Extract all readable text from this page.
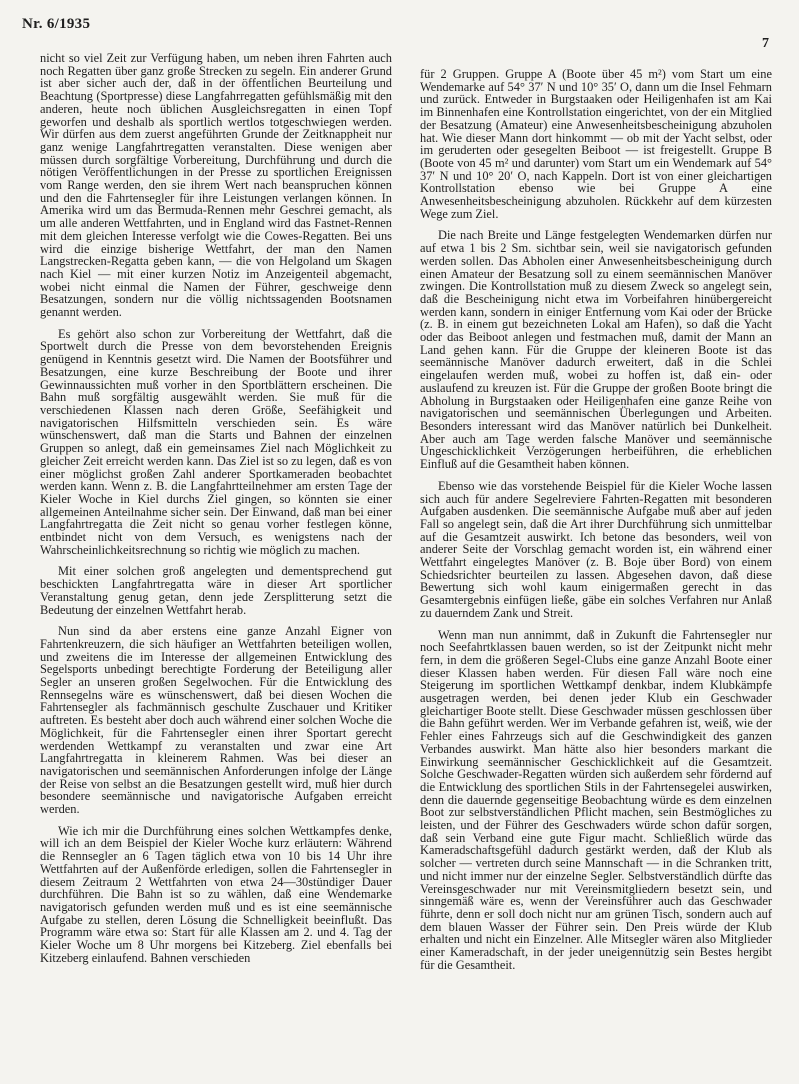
Nr. 6/1935
7

nicht so viel Zeit zur Verfügung haben, um neben ihren Fahrten auch noch Regatten über ganz große Strecken zu segeln. Ein anderer Grund ist aber sicher auch der, daß in der öffentlichen Beurteilung und Beachtung (Sportpresse) diese Langfahrregatten gefühlsmäßig mit den anderen, heute noch üblichen Ausgleichsregatten in einen Topf geworfen und deshalb als sportlich wertlos totgeschwiegen werden. Wir dürfen aus dem zuerst angeführten Grunde der Zeitknappheit nur ganz wenige Langfahrtregatten veranstalten. Diese wenigen aber müssen durch sorgfältige Vorbereitung, Durchführung und durch die nötigen Veröffentlichungen in der Presse zu sportlichen Ereignissen vom Range werden, den sie ihrem Wert nach beanspruchen können und den die Fahrtensegler für ihre Leistungen verlangen können. In Amerika wird um das Bermuda-Rennen mehr Geschrei gemacht, als um alle anderen Wettfahrten, und in England wird das Fastnet-Rennen mit dem gleichen Interesse verfolgt wie die Cowes-Regatten. Bei uns wird die einzige bisherige Wettfahrt, der man den Namen Langstrecken-Regatta geben kann, — die von Helgoland um Skagen nach Kiel — mit einer kurzen Notiz im Anzeigenteil abgemacht, wobei nicht einmal die Namen der Führer, geschweige denn Besatzungen, sondern nur die völlig nichtssagenden Bootsnamen genannt werden.

Es gehört also schon zur Vorbereitung der Wettfahrt, daß die Sportwelt durch die Presse von dem bevorstehenden Ereignis genügend in Kenntnis gesetzt wird. Die Namen der Bootsführer und Besatzungen, eine kurze Beschreibung der Boote und ihrer Gewinnaussichten muß vorher in den Sportblättern erscheinen. Die Bahn muß sorgfältig ausgewählt werden. Sie muß für die verschiedenen Klassen nach deren Größe, Seefähigkeit und navigatorischen Hilfsmitteln verschieden sein. Es wäre wünschenswert, daß man die Starts und Bahnen der einzelnen Gruppen so anlegt, daß ein gemeinsames Ziel nach Möglichkeit zu gleicher Zeit erreicht werden kann. Das Ziel ist so zu legen, daß es von einer möglichst großen Zahl anderer Sportkameraden beobachtet werden kann. Wenn z. B. die Langfahrtteilnehmer am ersten Tage der Kieler Woche in Kiel durchs Ziel gingen, so könnten sie einer allgemeinen Anteilnahme sicher sein. Der Einwand, daß man bei einer Langfahrtregatta die Zeit nicht so genau vorher festlegen könne, entbindet nicht von dem Versuch, es wenigstens nach der Wahrscheinlichkeitsrechnung so richtig wie möglich zu machen.

Mit einer solchen groß angelegten und dementsprechend gut beschickten Langfahrtregatta wäre in dieser Art sportlicher Veranstaltung genug getan, denn jede Zersplitterung setzt die Bedeutung der einzelnen Wettfahrt herab.

Nun sind da aber erstens eine ganze Anzahl Eigner von Fahrtenkreuzern, die sich häufiger an Wettfahrten beteiligen wollen, und zweitens die im Interesse der allgemeinen Entwicklung des Segelsports unbedingt berechtigte Forderung der Beteiligung aller Segler an unseren großen Segelwochen. Für die Entwicklung des Rennsegelns wäre es wünschenswert, daß bei diesen Wochen die Fahrtensegler als fachmännisch geschulte Zuschauer und Kritiker auftreten. Es besteht aber doch auch während einer solchen Woche die Möglichkeit, für die Fahrtensegler einen ihrer Sportart gerecht werdenden Wettkampf zu veranstalten und zwar eine Art Langfahrtregatta in kleinerem Rahmen. Was bei dieser an navigatorischen und seemännischen Anforderungen infolge der Länge der Reise von selbst an die Besatzungen gestellt wird, muß hier durch besondere seemännische und navigatorische Aufgaben erreicht werden.

Wie ich mir die Durchführung eines solchen Wettkampfes denke, will ich an dem Beispiel der Kieler Woche kurz erläutern: Während die Rennsegler an 6 Tagen täglich etwa von 10 bis 14 Uhr ihre Wettfahrten auf der Außenförde erledigen, sollen die Fahrtensegler in diesem Zeitraum 2 Wettfahrten von etwa 24—30stündiger Dauer durchführen. Die Bahn ist so zu wählen, daß eine Wendemarke navigatorisch gefunden werden muß und es ist eine seemännische Aufgabe zu stellen, deren Lösung die Schnelligkeit beeinflußt. Das Programm wäre etwa so: Start für alle Klassen am 2. und 4. Tag der Kieler Woche um 8 Uhr morgens bei Kitzeberg. Ziel ebenfalls bei Kitzeberg einlaufend. Bahnen verschieden

für 2 Gruppen. Gruppe A (Boote über 45 m²) vom Start um eine Wendemarke auf 54° 37′ N und 10° 35′ O, dann um die Insel Fehmarn und zurück. Entweder in Burgstaaken oder Heiligenhafen ist am Kai im Binnenhafen eine Kontrollstation eingerichtet, von der ein Mitglied der Besatzung (Amateur) eine Anwesenheitsbescheinigung abzuholen hat. Wie dieser Mann dort hinkommt — ob mit der Yacht selbst, oder im geruderten oder gesegelten Beiboot — ist freigestellt. Gruppe B (Boote von 45 m² und darunter) vom Start um ein Wendemark auf 54° 37′ N und 10° 20′ O, nach Kappeln. Dort ist von einer gleichartigen Kontrollstation ebenso wie bei Gruppe A eine Anwesenheitsbescheinigung abzuholen. Rückkehr auf dem kürzesten Wege zum Ziel.

Die nach Breite und Länge festgelegten Wendemarken dürfen nur auf etwa 1 bis 2 Sm. sichtbar sein, weil sie navigatorisch gefunden werden sollen. Das Abholen einer Anwesenheitsbescheinigung durch einen Amateur der Besatzung soll zu einem seemännischen Manöver zwingen. Die Kontrollstation muß zu diesem Zweck so angelegt sein, daß die Bescheinigung nicht etwa im Vorbeifahren hinübergereicht werden kann, sondern in einiger Entfernung vom Kai oder der Brücke (z. B. in einem gut bezeichneten Lokal am Hafen), so daß die Yacht oder das Beiboot anlegen und festmachen muß, damit der Mann an Land gehen kann. Für die Gruppe der kleineren Boote ist das seemännische Manöver dadurch erweitert, daß in die Schlei eingelaufen werden muß, wobei zu hoffen ist, daß ein- oder auslaufend zu kreuzen ist. Für die Gruppe der großen Boote bringt die Abholung in Burgstaaken oder Heiligenhafen eine ganze Reihe von navigatorischen und seemännischen Überlegungen und Arbeiten. Besonders interessant wird das Manöver natürlich bei Dunkelheit. Aber auch am Tage werden falsche Manöver und seemännische Ungeschicklichkeit Verzögerungen herbeiführen, die erheblichen Einfluß auf die Gesamtheit haben können.

Ebenso wie das vorstehende Beispiel für die Kieler Woche lassen sich auch für andere Segelreviere Fahrten-Regatten mit besonderen Aufgaben ausdenken. Die seemännische Aufgabe muß aber auf jeden Fall so angelegt sein, daß die Art ihrer Durchführung sich unmittelbar auf die Gesamtzeit auswirkt. Ich betone das besonders, weil von anderer Seite der Vorschlag gemacht worden ist, ein während einer Wettfahrt eingelegtes Manöver (z. B. Boje über Bord) von einem Schiedsrichter beurteilen zu lassen. Abgesehen davon, daß diese Bewertung sich wohl kaum einigermaßen gerecht in das Gesamtergebnis einfügen ließe, gäbe ein solches Verfahren nur Anlaß zu dauerndem Zank und Streit.

Wenn man nun annimmt, daß in Zukunft die Fahrtensegler nur noch Seefahrtklassen bauen werden, so ist der Zeitpunkt nicht mehr fern, in dem die größeren Segel-Clubs eine ganze Anzahl Boote einer dieser Klassen haben werden. Für diesen Fall wäre noch eine Steigerung im sportlichen Wettkampf denkbar, indem Klubkämpfe ausgetragen werden, bei denen jeder Klub ein Geschwader gleichartiger Boote stellt. Diese Geschwader müssen geschlossen über die Bahn geführt werden. Wer im Verbande gefahren ist, weiß, wie der Fehler eines Fahrzeugs sich auf die Geschwindigkeit des ganzen Verbandes auswirkt. Man hätte also hier besonders markant die Einwirkung seemännischer Geschicklichkeit auf die Gesamtzeit. Solche Geschwader-Regatten würden sich außerdem sehr fördernd auf die Entwicklung des sportlichen Stils in der Fahrtensegelei auswirken, denn die dauernde gegenseitige Beobachtung würde es dem einzelnen Boot zur selbstverständlichen Pflicht machen, sein Bestmögliches zu leisten, und der Führer des Geschwaders würde schon dafür sorgen, daß sein Verband eine gute Figur macht. Schließlich würde das Kameradschaftsgefühl dadurch gestärkt werden, daß der Klub als solcher — vertreten durch seine Mannschaft — in die Schranken tritt, und nicht immer nur der einzelne Segler. Selbstverständlich dürfte das Vereinsgeschwader nur mit Vereinsmitgliedern besetzt sein, und sinngemäß wäre es, wenn der Vereinsführer auch das Geschwader führte, denn er soll doch nicht nur am grünen Tisch, sondern auch auf dem blauen Wasser der Führer sein. Den Preis würde der Klub erhalten und nicht ein Einzelner. Alle Mitsegler wären also Mitglieder einer Kameradschaft, in der jeder uneigennützig sein Bestes hergibt für die Gesamtheit.
